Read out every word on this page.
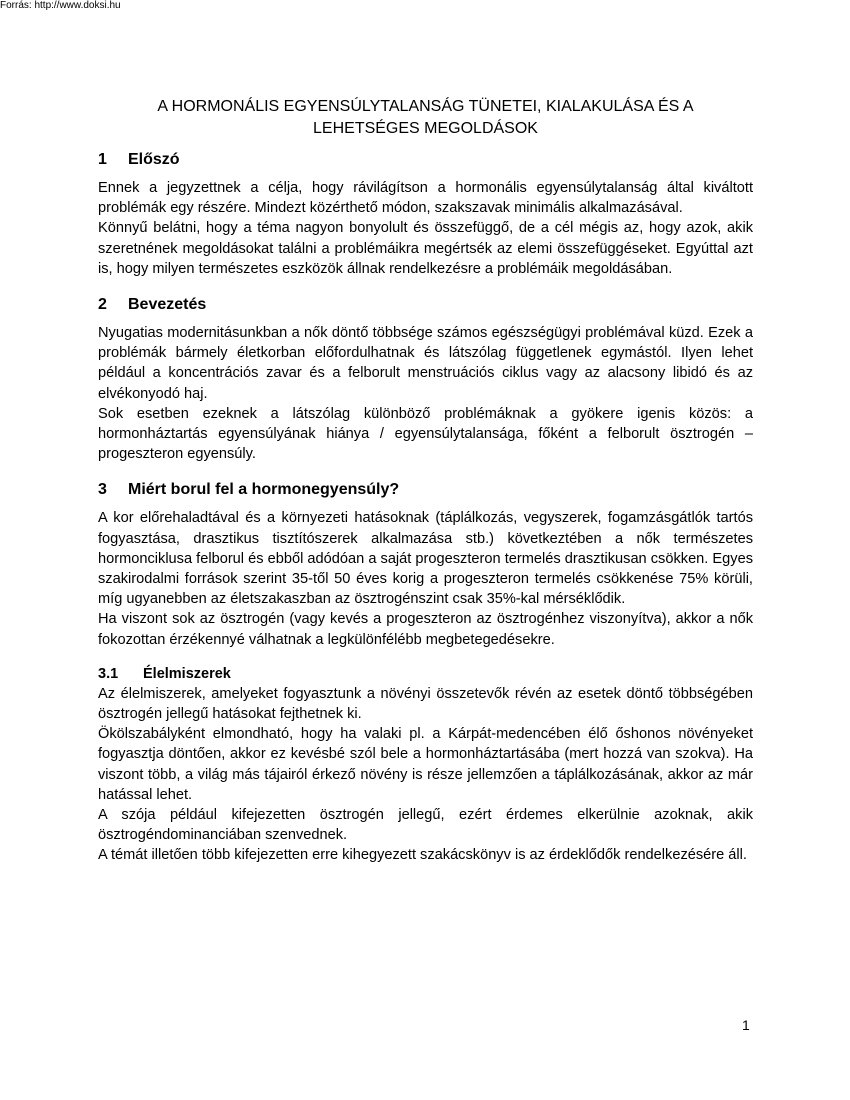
Forrás: http://www.doksi.hu
A HORMONÁLIS EGYENSÚLYTALANSÁG TÜNETEI, KIALAKULÁSA ÉS A
LEHETSÉGES MEGOLDÁSOK
1	Előszó

Ennek a jegyzettnek a célja, hogy rávilágítson a hormonális egyensúlytalanság által kiváltott problémák egy részére. Mindezt közérthető módon, szakszavak minimális alkalmazásával.

Könnyű belátni, hogy a téma nagyon bonyolult és összefüggő, de a cél mégis az, hogy azok, akik szeretnének megoldásokat találni a problémáikra megértsék az elemi összefüggéseket. Egyúttal azt is, hogy milyen természetes eszközök állnak rendelkezésre a problémáik megoldásában.

2	Bevezetés

Nyugatias modernitásunkban a nők döntő többsége számos egészségügyi problémával küzd. Ezek a problémák bármely életkorban előfordulhatnak és látszólag függetlenek egymástól. Ilyen lehet például a koncentrációs zavar és a felborult menstruációs ciklus vagy az alacsony libidó és az elvékonyodó haj.

Sok esetben ezeknek a látszólag különböző problémáknak a gyökere igenis közös: a hormonháztartás egyensúlyának hiánya / egyensúlytalansága, főként a felborult ösztrogén – progeszteron egyensúly.

3	Miért borul fel a hormonegyensúly?

A kor előrehaladtával és a környezeti hatásoknak (táplálkozás, vegyszerek, fogamzásgátlók tartós fogyasztása, drasztikus tisztítószerek alkalmazása stb.) következtében a nők természetes hormonciklusa felborul és ebből adódóan a saját progeszteron termelés drasztikusan csökken. Egyes szakirodalmi források szerint 35-től 50 éves korig a progeszteron termelés csökkenése 75% körüli, míg ugyanebben az életszakaszban az ösztrogénszint csak 35%-kal mérséklődik.

Ha viszont sok az ösztrogén (vagy kevés a progeszteron az ösztrogénhez viszonyítva), akkor a nők fokozottan érzékennyé válhatnak a legkülönfélébb megbetegedésekre.

3.1	Élelmiszerek

Az élelmiszerek, amelyeket fogyasztunk a növényi összetevők révén az esetek döntő többségében ösztrogén jellegű hatásokat fejthetnek ki.

Ökölszabályként elmondható, hogy ha valaki pl. a Kárpát-medencében élő őshonos növényeket fogyasztja döntően, akkor ez kevésbé szól bele a hormonháztartásába (mert hozzá van szokva). Ha viszont több, a világ más tájairól érkező növény is része jellemzően a táplálkozásának, akkor az már hatással lehet.

A szója például kifejezetten ösztrogén jellegű, ezért érdemes elkerülnie azoknak, akik ösztrogéndominanciában szenvednek.

A témát illetően több kifejezetten erre kihegyezett szakácskönyv is az érdeklődők rendelkezésére áll.

1
